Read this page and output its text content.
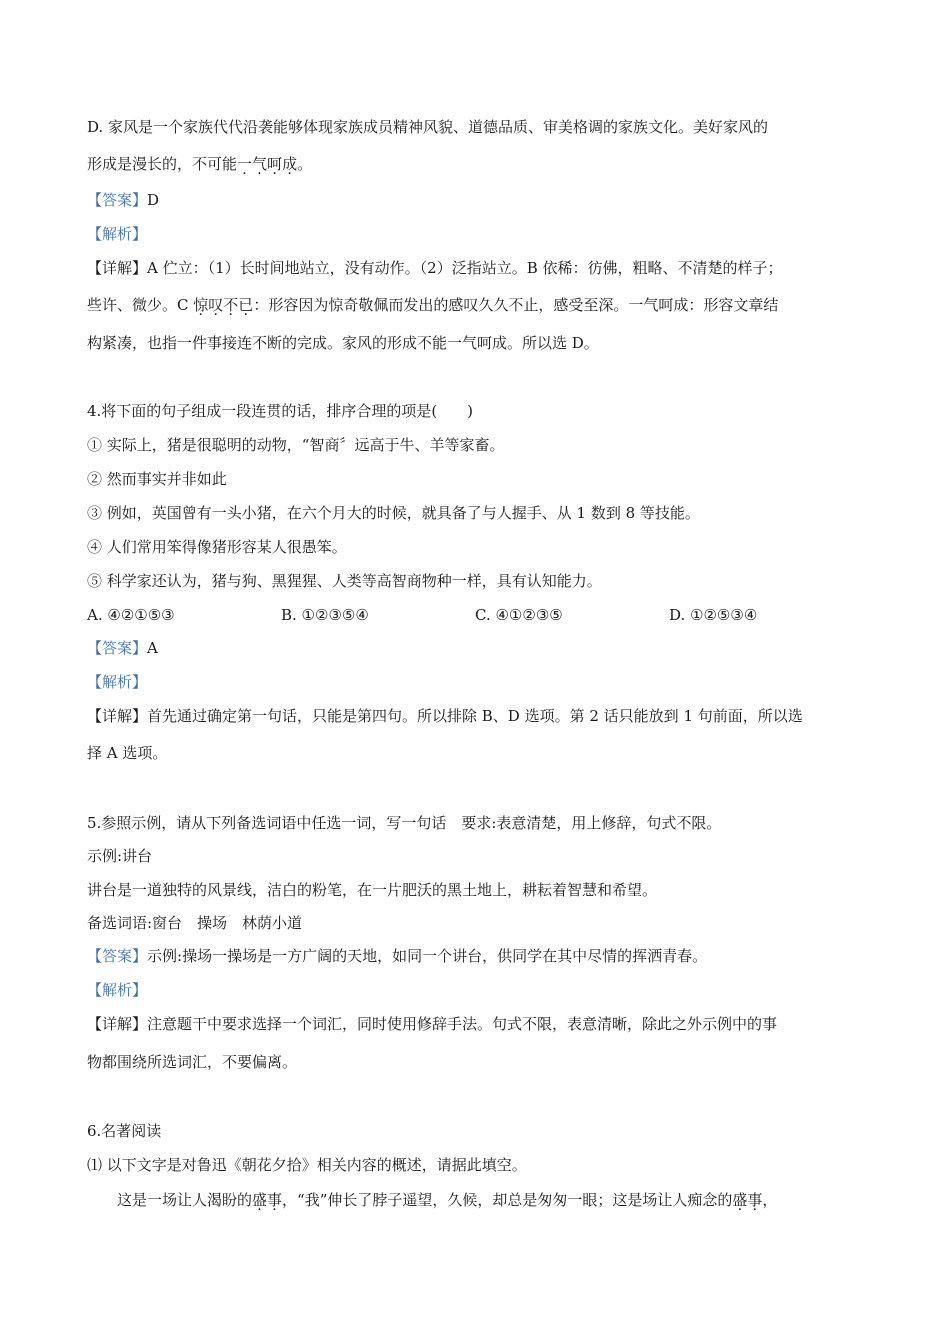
D. 家风是一个家族代代沿袭能够体现家族成员精神风貌、道德品质、审美格调的家族文化。美好家风的
形成是漫长的，不可能一气呵成。
【答案】D
【解析】
【详解】A 伫立：（1）长时间地站立，没有动作。（2）泛指站立。B 依稀：彷佛，粗略、不清楚的样子；
些许、微少。C 惊叹不已：形容因为惊奇敬佩而发出的感叹久久不止，感受至深。一气呵成：形容文章结
构紧凑，也指一件事接连不断的完成。家风的形成不能一气呵成。所以选 D。
4.将下面的句子组成一段连贯的话，排序合理的项是(　　)
① 实际上，猪是很聪明的动物，“智商〞远高于牛、羊等家畜。
② 然而事实并非如此
③ 例如，英国曾有一头小猪，在六个月大的时候，就具备了与人握手、从 1 数到 8 等技能。
④ 人们常用笨得像猪形容某人很愚笨。
⑤ 科学家还认为，猪与狗、黑猩猩、人类等高智商物种一样，具有认知能力。
A. ④②①⑤③	B. ①②③⑤④	C. ④①②③⑤	D. ①②⑤③④
【答案】A
【解析】
【详解】首先通过确定第一句话，只能是第四句。所以排除 B、D 选项。第 2 话只能放到 1 句前面，所以选
择 A 选项。
5.参照示例，请从下列备选词语中任选一词，写一句话　要求:表意清楚，用上修辞，句式不限。
示例:讲台
讲台是一道独特的风景线，洁白的粉笔，在一片肥沃的黑土地上，耕耘着智慧和希望。
备选词语:窗台　操场　林荫小道
【答案】示例:操场一操场是一方广阔的天地，如同一个讲台，供同学在其中尽情的挥洒青春。
【解析】
【详解】注意题干中要求选择一个词汇，同时使用修辞手法。句式不限，表意清晰，除此之外示例中的事
物都围绕所选词汇，不要偏离。
6.名著阅读
⑴ 以下文字是对鲁迅《朝花夕拾》相关内容的概述，请据此填空。
这是一场让人渴盼的盛事，“我”伸长了脖子遥望，久候，却总是匆匆一眼；这是场让人痴念的盛事，
